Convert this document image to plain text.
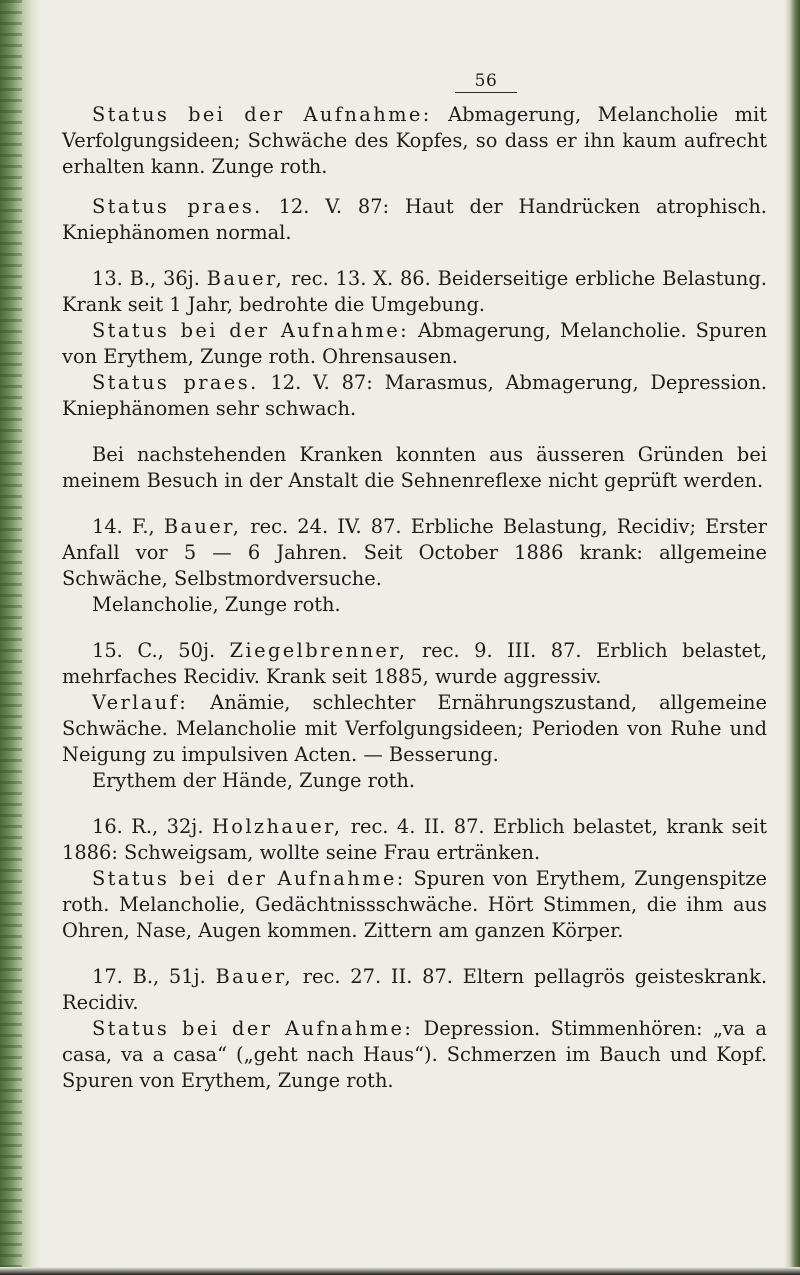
56

Status bei der Aufnahme: Abmagerung, Melancholie mit Verfolgungsideen; Schwäche des Kopfes, so dass er ihn kaum aufrecht erhalten kann. Zunge roth.

Status praes. 12. V. 87: Haut der Handrücken atrophisch. Kniephänomen normal.

13. B., 36j. Bauer, rec. 13. X. 86. Beiderseitige erbliche Belastung. Krank seit 1 Jahr, bedrohte die Umgebung.

Status bei der Aufnahme: Abmagerung, Melancholie. Spuren von Erythem, Zunge roth. Ohrensausen.

Status praes. 12. V. 87: Marasmus, Abmagerung, Depression. Kniephänomen sehr schwach.

Bei nachstehenden Kranken konnten aus äusseren Gründen bei meinem Besuch in der Anstalt die Sehnenreflexe nicht geprüft werden.

14. F., Bauer, rec. 24. IV. 87. Erbliche Belastung, Recidiv; Erster Anfall vor 5 — 6 Jahren. Seit October 1886 krank: allgemeine Schwäche, Selbstmordversuche.

Melancholie, Zunge roth.

15. C., 50j. Ziegelbrenner, rec. 9. III. 87. Erblich belastet, mehrfaches Recidiv. Krank seit 1885, wurde aggressiv.

Verlauf: Anämie, schlechter Ernährungszustand, allgemeine Schwäche. Melancholie mit Verfolgungsideen; Perioden von Ruhe und Neigung zu impulsiven Acten. — Besserung.

Erythem der Hände, Zunge roth.

16. R., 32j. Holzhauer, rec. 4. II. 87. Erblich belastet, krank seit 1886: Schweigsam, wollte seine Frau ertränken.

Status bei der Aufnahme: Spuren von Erythem, Zungenspitze roth. Melancholie, Gedächtnissschwäche. Hört Stimmen, die ihm aus Ohren, Nase, Augen kommen. Zittern am ganzen Körper.

17. B., 51j. Bauer, rec. 27. II. 87. Eltern pellagrös geisteskrank. Recidiv.

Status bei der Aufnahme: Depression. Stimmenhören: „va a casa, va a casa“ („geht nach Haus“). Schmerzen im Bauch und Kopf. Spuren von Erythem, Zunge roth.
